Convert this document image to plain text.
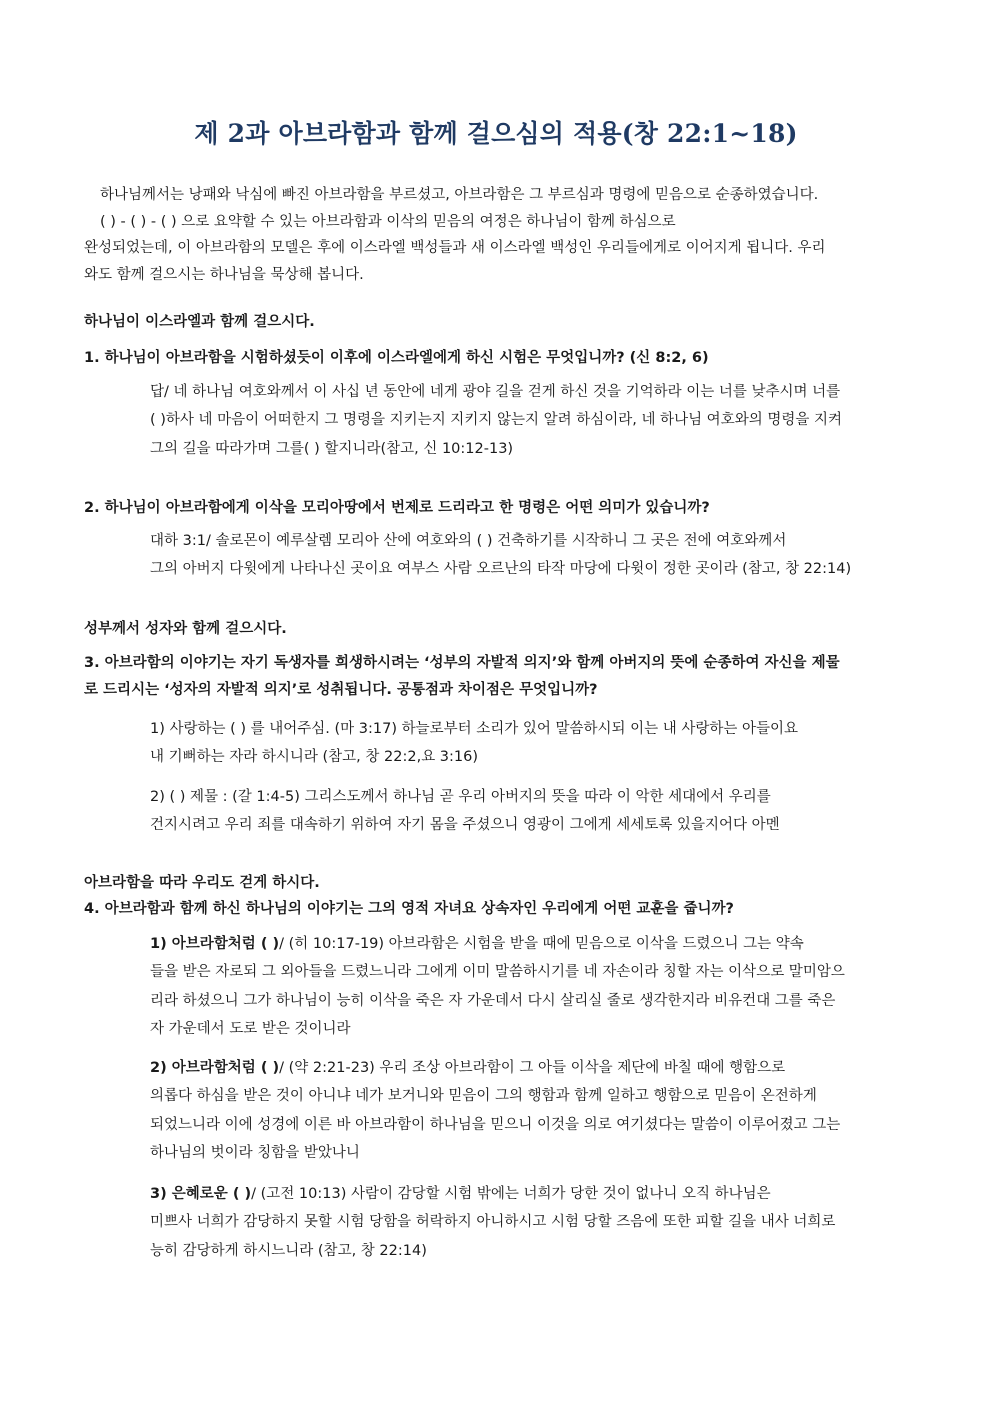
제 2과 아브라함과 함께 걸으심의 적용(창 22:1~18)
하나님께서는 낭패와 낙심에 빠진 아브라함을 부르셨고, 아브라함은 그 부르심과 명령에 믿음으로 순종하였습니다.
( ) - ( ) - ( ) 으로 요약할 수 있는 아브라함과 이삭의 믿음의 여정은 하나님이 함께 하심으로
완성되었는데, 이 아브라함의 모델은 후에 이스라엘 백성들과 새 이스라엘 백성인 우리들에게로 이어지게 됩니다. 우리
와도 함께 걸으시는 하나님을 묵상해 봅니다.
하나님이 이스라엘과 함께 걸으시다.
1. 하나님이 아브라함을 시험하셨듯이 이후에 이스라엘에게 하신 시험은 무엇입니까? (신 8:2, 6)
답/ 네 하나님 여호와께서 이 사십 년 동안에 네게 광야 길을 걷게 하신 것을 기억하라 이는 너를 낮추시며 너를
( )하사 네 마음이 어떠한지 그 명령을 지키는지 지키지 않는지 알려 하심이라, 네 하나님 여호와의 명령을 지켜
그의 길을 따라가며 그를( ) 할지니라(참고, 신 10:12-13)
2. 하나님이 아브라함에게 이삭을 모리아땅에서 번제로 드리라고 한 명령은 어떤 의미가 있습니까?
대하 3:1/ 솔로몬이 예루살렘 모리아 산에 여호와의 ( ) 건축하기를 시작하니 그 곳은 전에 여호와께서
그의 아버지 다윗에게 나타나신 곳이요 여부스 사람 오르난의 타작 마당에 다윗이 정한 곳이라 (참고, 창 22:14)
성부께서 성자와 함께 걸으시다.
3. 아브라함의 이야기는 자기 독생자를 희생하시려는 ‘성부의 자발적 의지’와 함께 아버지의 뜻에 순종하여 자신을 제물
로 드리시는 ‘성자의 자발적 의지’로 성취됩니다. 공통점과 차이점은 무엇입니까?
1) 사랑하는 ( ) 를 내어주심. (마 3:17) 하늘로부터 소리가 있어 말씀하시되 이는 내 사랑하는 아들이요
내 기뻐하는 자라 하시니라 (참고, 창 22:2,요 3:16)
2) ( ) 제물 : (갈 1:4-5) 그리스도께서 하나님 곧 우리 아버지의 뜻을 따라 이 악한 세대에서 우리를
건지시려고 우리 죄를 대속하기 위하여 자기 몸을 주셨으니 영광이 그에게 세세토록 있을지어다 아멘
아브라함을 따라 우리도 걷게 하시다.
4. 아브라함과 함께 하신 하나님의 이야기는 그의 영적 자녀요 상속자인 우리에게 어떤 교훈을 줍니까?
1) 아브라함처럼 ( )/ (히 10:17-19) 아브라함은 시험을 받을 때에 믿음으로 이삭을 드렸으니 그는 약속
들을 받은 자로되 그 외아들을 드렸느니라 그에게 이미 말씀하시기를 네 자손이라 칭할 자는 이삭으로 말미암으
리라 하셨으니 그가 하나님이 능히 이삭을 죽은 자 가운데서 다시 살리실 줄로 생각한지라 비유컨대 그를 죽은
자 가운데서 도로 받은 것이니라
2) 아브라함처럼 ( )/ (약 2:21-23) 우리 조상 아브라함이 그 아들 이삭을 제단에 바칠 때에 행함으로
의롭다 하심을 받은 것이 아니냐 네가 보거니와 믿음이 그의 행함과 함께 일하고 행함으로 믿음이 온전하게
되었느니라 이에 성경에 이른 바 아브라함이 하나님을 믿으니 이것을 의로 여기셨다는 말씀이 이루어졌고 그는
하나님의 벗이라 칭함을 받았나니
3) 은혜로운 ( )/ (고전 10:13) 사람이 감당할 시험 밖에는 너희가 당한 것이 없나니 오직 하나님은
미쁘사 너희가 감당하지 못할 시험 당함을 허락하지 아니하시고 시험 당할 즈음에 또한 피할 길을 내사 너희로
능히 감당하게 하시느니라 (참고, 창 22:14)
